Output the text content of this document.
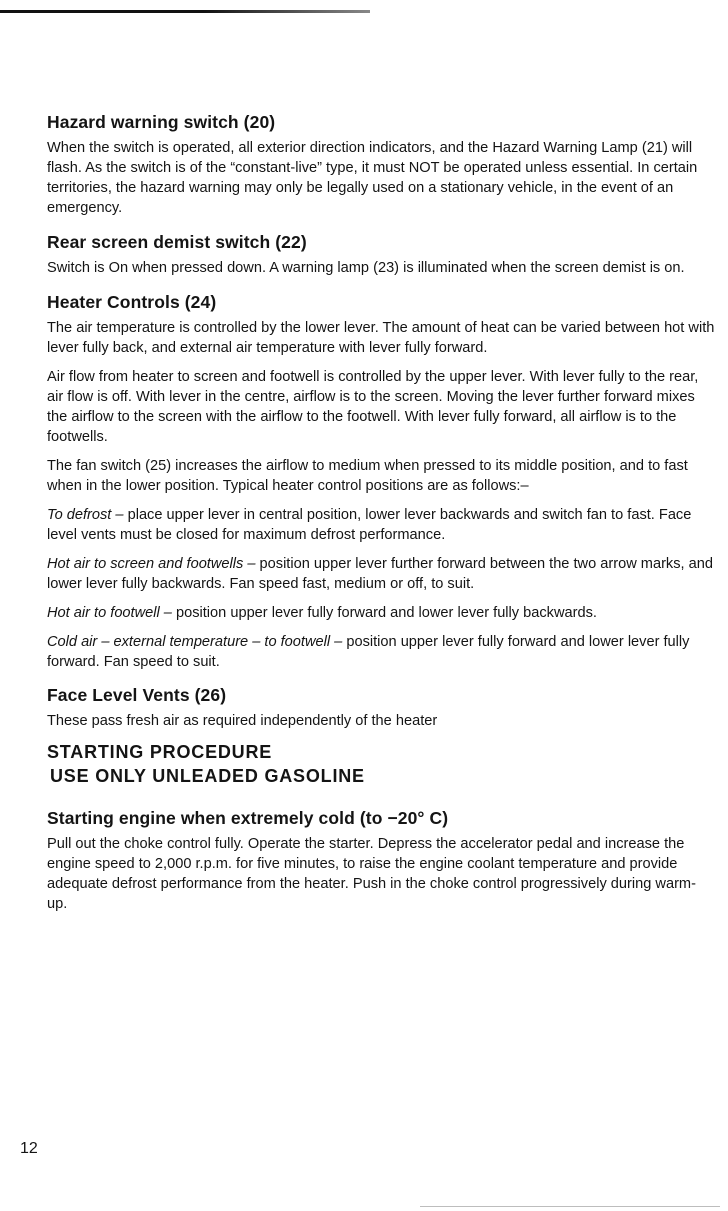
Hazard warning switch (20)

When the switch is operated, all exterior direction indicators, and the Hazard Warning Lamp (21) will flash. As the switch is of the “constant-live” type, it must NOT be operated unless essential. In certain territories, the hazard warning may only be legally used on a stationary vehicle, in the event of an emergency.

Rear screen demist switch (22)

Switch is On when pressed down. A warning lamp (23) is illuminated when the screen demist is on.

Heater Controls (24)

The air temperature is controlled by the lower lever. The amount of heat can be varied between hot with lever fully back, and external air temperature with lever fully forward.

Air flow from heater to screen and footwell is controlled by the upper lever. With lever fully to the rear, air flow is off. With lever in the centre, airflow is to the screen. Moving the lever further forward mixes the airflow to the screen with the airflow to the footwell. With lever fully forward, all airflow is to the footwells.

The fan switch (25) increases the airflow to medium when pressed to its middle position, and to fast when in the lower position. Typical heater control positions are as follows:–

To defrost – place upper lever in central position, lower lever backwards and switch fan to fast. Face level vents must be closed for maximum defrost performance.

Hot air to screen and footwells – position upper lever further forward between the two arrow marks, and lower lever fully backwards. Fan speed fast, medium or off, to suit.

Hot air to footwell – position upper lever fully forward and lower lever fully backwards.

Cold air – external temperature – to footwell – position upper lever fully forward and lower lever fully forward. Fan speed to suit.

Face Level Vents (26)

These pass fresh air as required independently of the heater

STARTING PROCEDURE
USE ONLY UNLEADED GASOLINE
Starting engine when extremely cold (to −20° C)

Pull out the choke control fully. Operate the starter. Depress the accelerator pedal and increase the engine speed to 2,000 r.p.m. for five minutes, to raise the engine coolant temperature and provide adequate defrost performance from the heater. Push in the choke control progressively during warm-up.

12
